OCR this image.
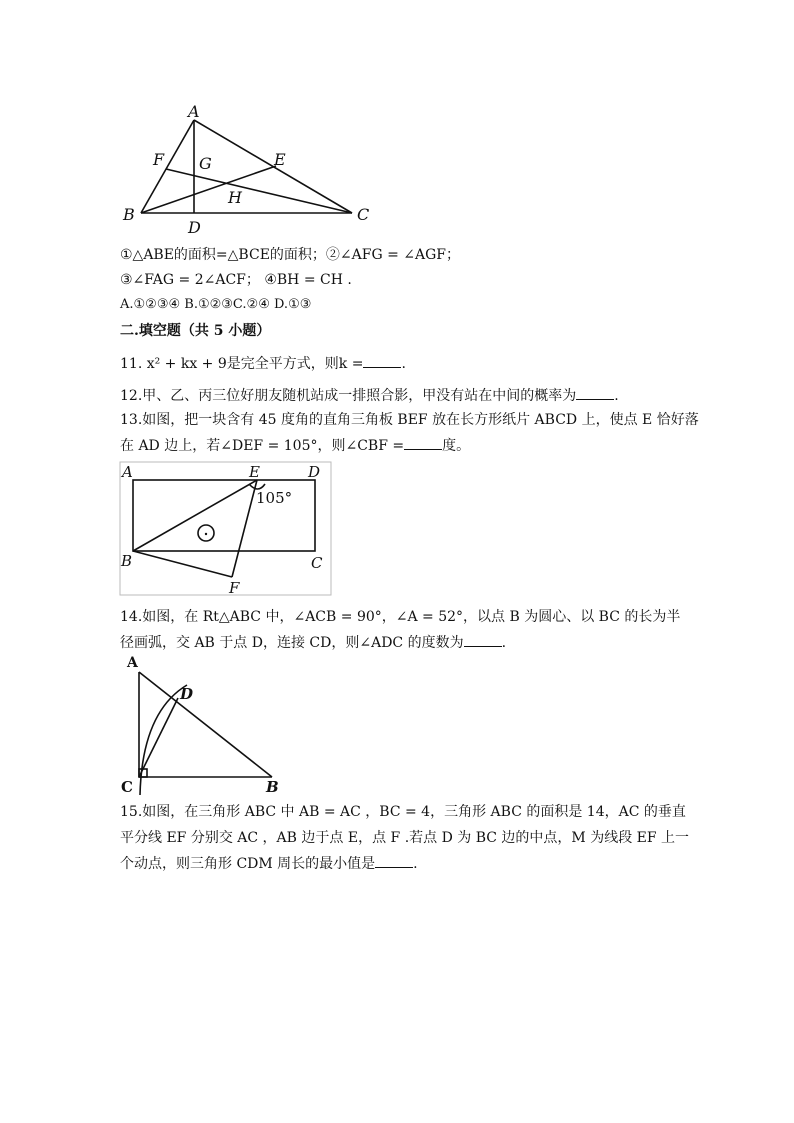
A
F G	E
H
B	C
D
①△ABE的面积=△BCE的面积；②∠AFG = ∠AGF；
③∠FAG = 2∠ACF； ④BH = CH .
A.①②③④ B.①②③C.②④ D.①③
二.填空题（共 5 小题）
11. x² + kx + 9是完全平方式，则k =	.
12.甲、乙、丙三位好朋友随机站成一排照合影，甲没有站在中间的概率为	.
13.如图，把一块含有 45 度角的直角三角板 BEF 放在长方形纸片 ABCD 上，使点 E 恰好落
在 AD 边上，若∠DEF = 105°，则∠CBF =	度。
A	E	D
B	C
F
105°
14.如图，在 Rt△ABC 中，∠ACB = 90°，∠A = 52°，以点 B 为圆心、以 BC 的长为半
径画弧，交 AB 于点 D，连接 CD，则∠ADC 的度数为	.
A
D
C	B
15.如图，在三角形 ABC 中 AB = AC ，BC = 4，三角形 ABC 的面积是 14，AC 的垂直
平分线 EF 分别交 AC ，AB 边于点 E，点 F .若点 D 为 BC 边的中点，M 为线段 EF 上一
个动点，则三角形 CDM 周长的最小值是	.
